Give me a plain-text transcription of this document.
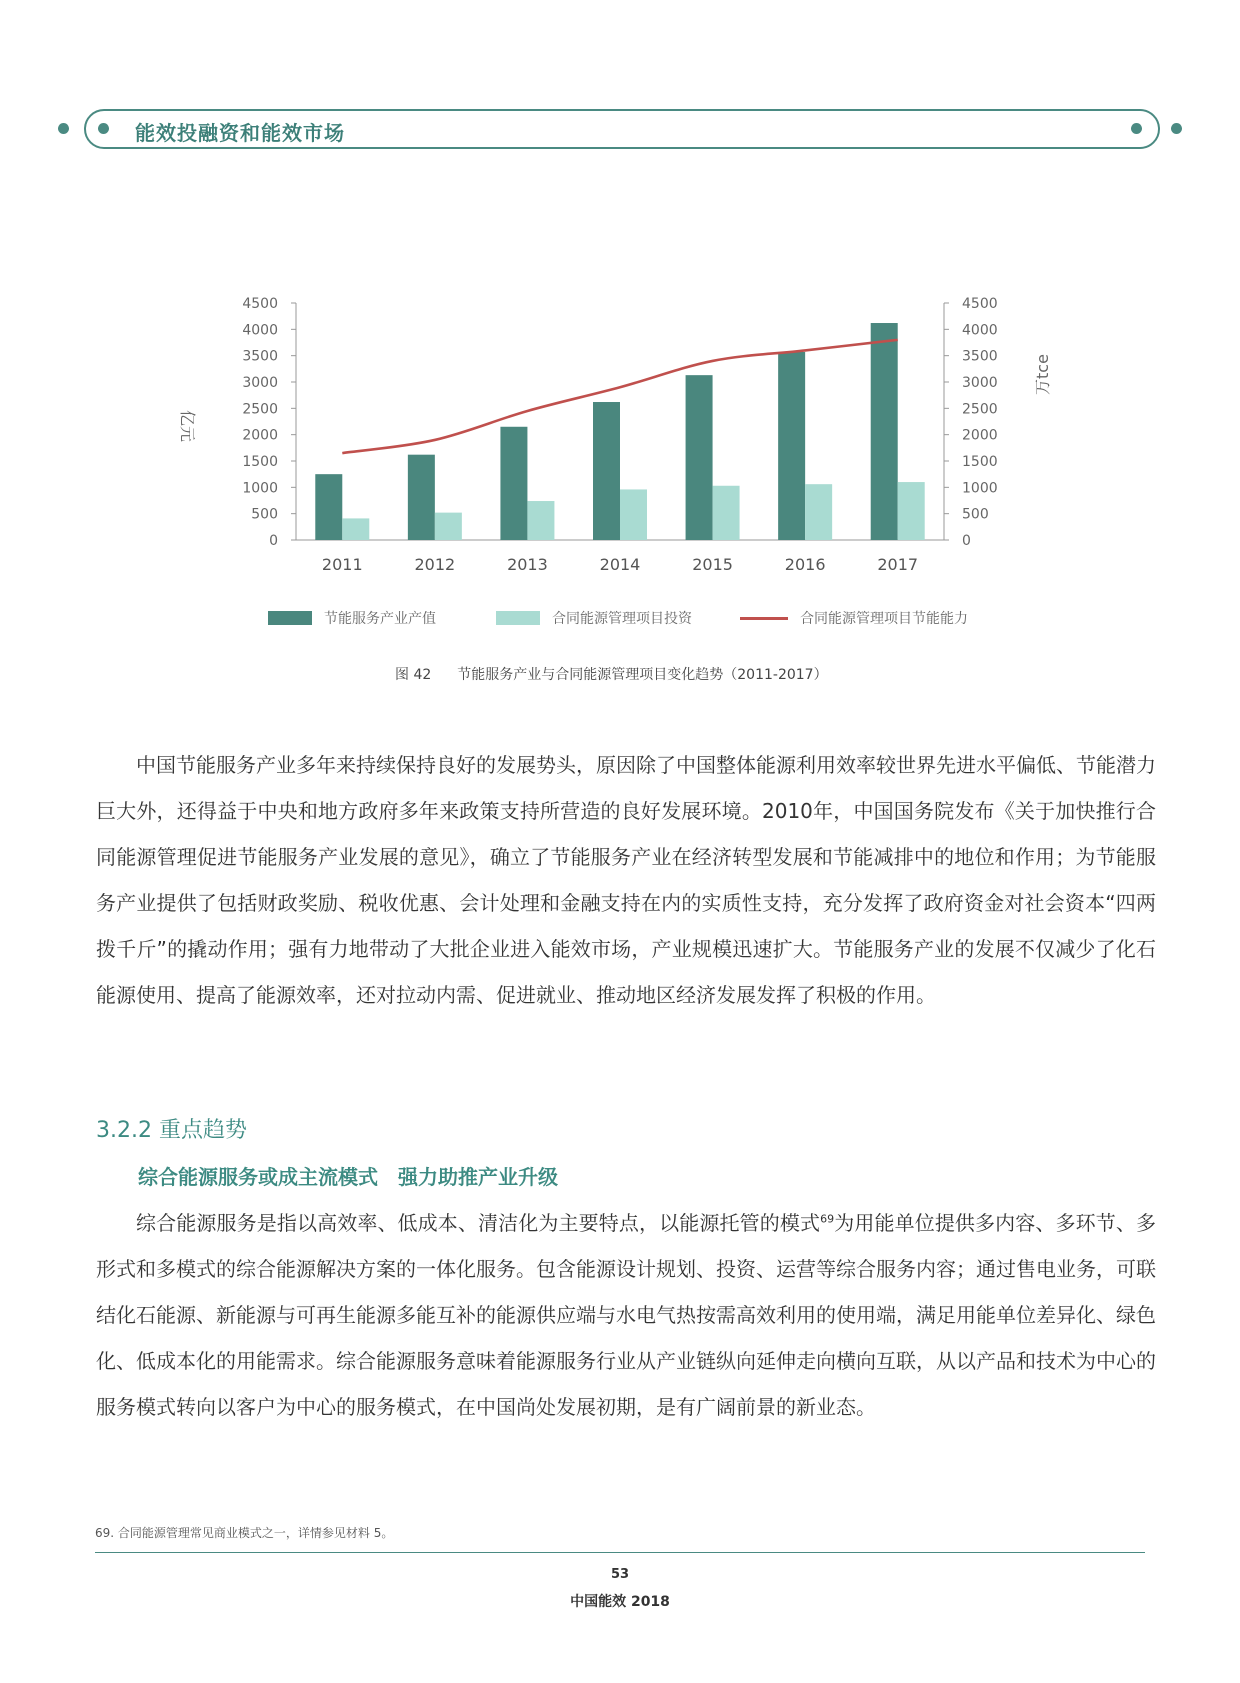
能效投融资和能效市场
0
500
1000
1500
2000
2500
3000
3500
4000
4500
0
500
1000
1500
2000
2500
3000
3500
4000
4500
2011	2012	2013	2014	2015	2016	2017
亿元
万tce
节能服务产业产值	合同能源管理项目投资	合同能源管理项目节能能力
图 42 节能服务产业与合同能源管理项目变化趋势（2011-2017）

中国节能服务产业多年来持续保持良好的发展势头，原因除了中国整体能源利用效率较世界先进水平偏低、节能潜力巨大外，还得益于中央和地方政府多年来政策支持所营造的良好发展环境。2010年，中国国务院发布《关于加快推行合同能源管理促进节能服务产业发展的意见》，确立了节能服务产业在经济转型发展和节能减排中的地位和作用；为节能服务产业提供了包括财政奖励、税收优惠、会计处理和金融支持在内的实质性支持，充分发挥了政府资金对社会资本“四两拨千斤”的撬动作用；强有力地带动了大批企业进入能效市场，产业规模迅速扩大。节能服务产业的发展不仅减少了化石能源使用、提高了能源效率，还对拉动内需、促进就业、推动地区经济发展发挥了积极的作用。

3.2.2 重点趋势
综合能源服务或成主流模式 强力助推产业升级

综合能源服务是指以高效率、低成本、清洁化为主要特点，以能源托管的模式$^{69}$为用能单位提供多内容、多环节、多形式和多模式的综合能源解决方案的一体化服务。包含能源设计规划、投资、运营等综合服务内容；通过售电业务，可联结化石能源、新能源与可再生能源多能互补的能源供应端与水电气热按需高效利用的使用端，满足用能单位差异化、绿色化、低成本化的用能需求。综合能源服务意味着能源服务行业从产业链纵向延伸走向横向互联，从以产品和技术为中心的服务模式转向以客户为中心的服务模式，在中国尚处发展初期，是有广阔前景的新业态。

69. 合同能源管理常见商业模式之一，详情参见材料 5。
53
中国能效 2018
